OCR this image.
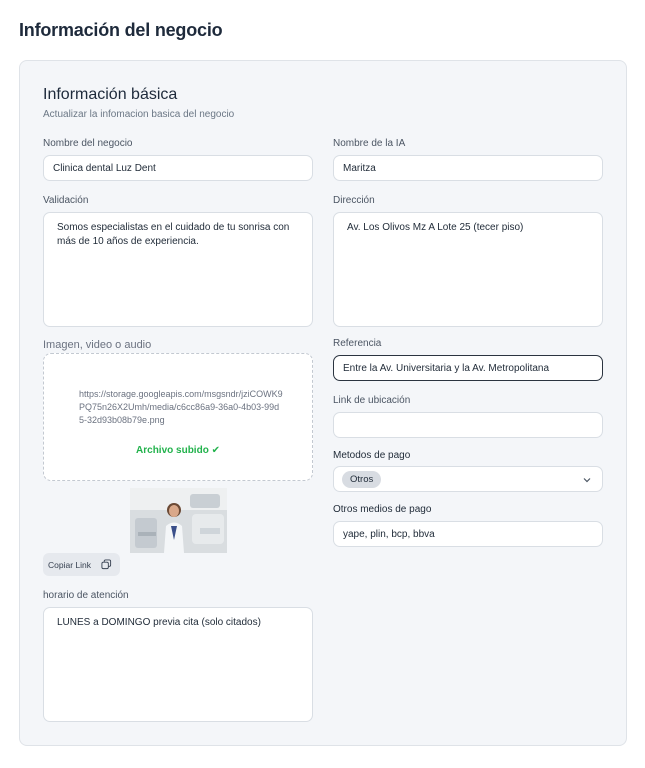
Información del negocio
Información básica
Actualizar la infomacion basica del negocio
Nombre del negocio
Clinica dental Luz Dent
Validación
Somos especialistas en el cuidado de tu sonrisa con más de 10 años de experiencia.
Imagen, video o audio
https://storage.googleapis.com/msgsndr/jziCOWK9PQ75n26X2Umh/media/c6cc86a9-36a0-4b03-99d5-32d93b08b79e.png
Archivo subido ✔
Copiar Link
horario de atención
LUNES a DOMINGO previa cita (solo citados)
Nombre de la IA
Maritza
Dirección
Av. Los Olivos Mz A Lote 25 (tecer piso)
Referencia
Entre la Av. Universitaria y la Av. Metropolitana
Link de ubicación
Metodos de pago
Otros
Otros medios de pago
yape, plin, bcp, bbva
